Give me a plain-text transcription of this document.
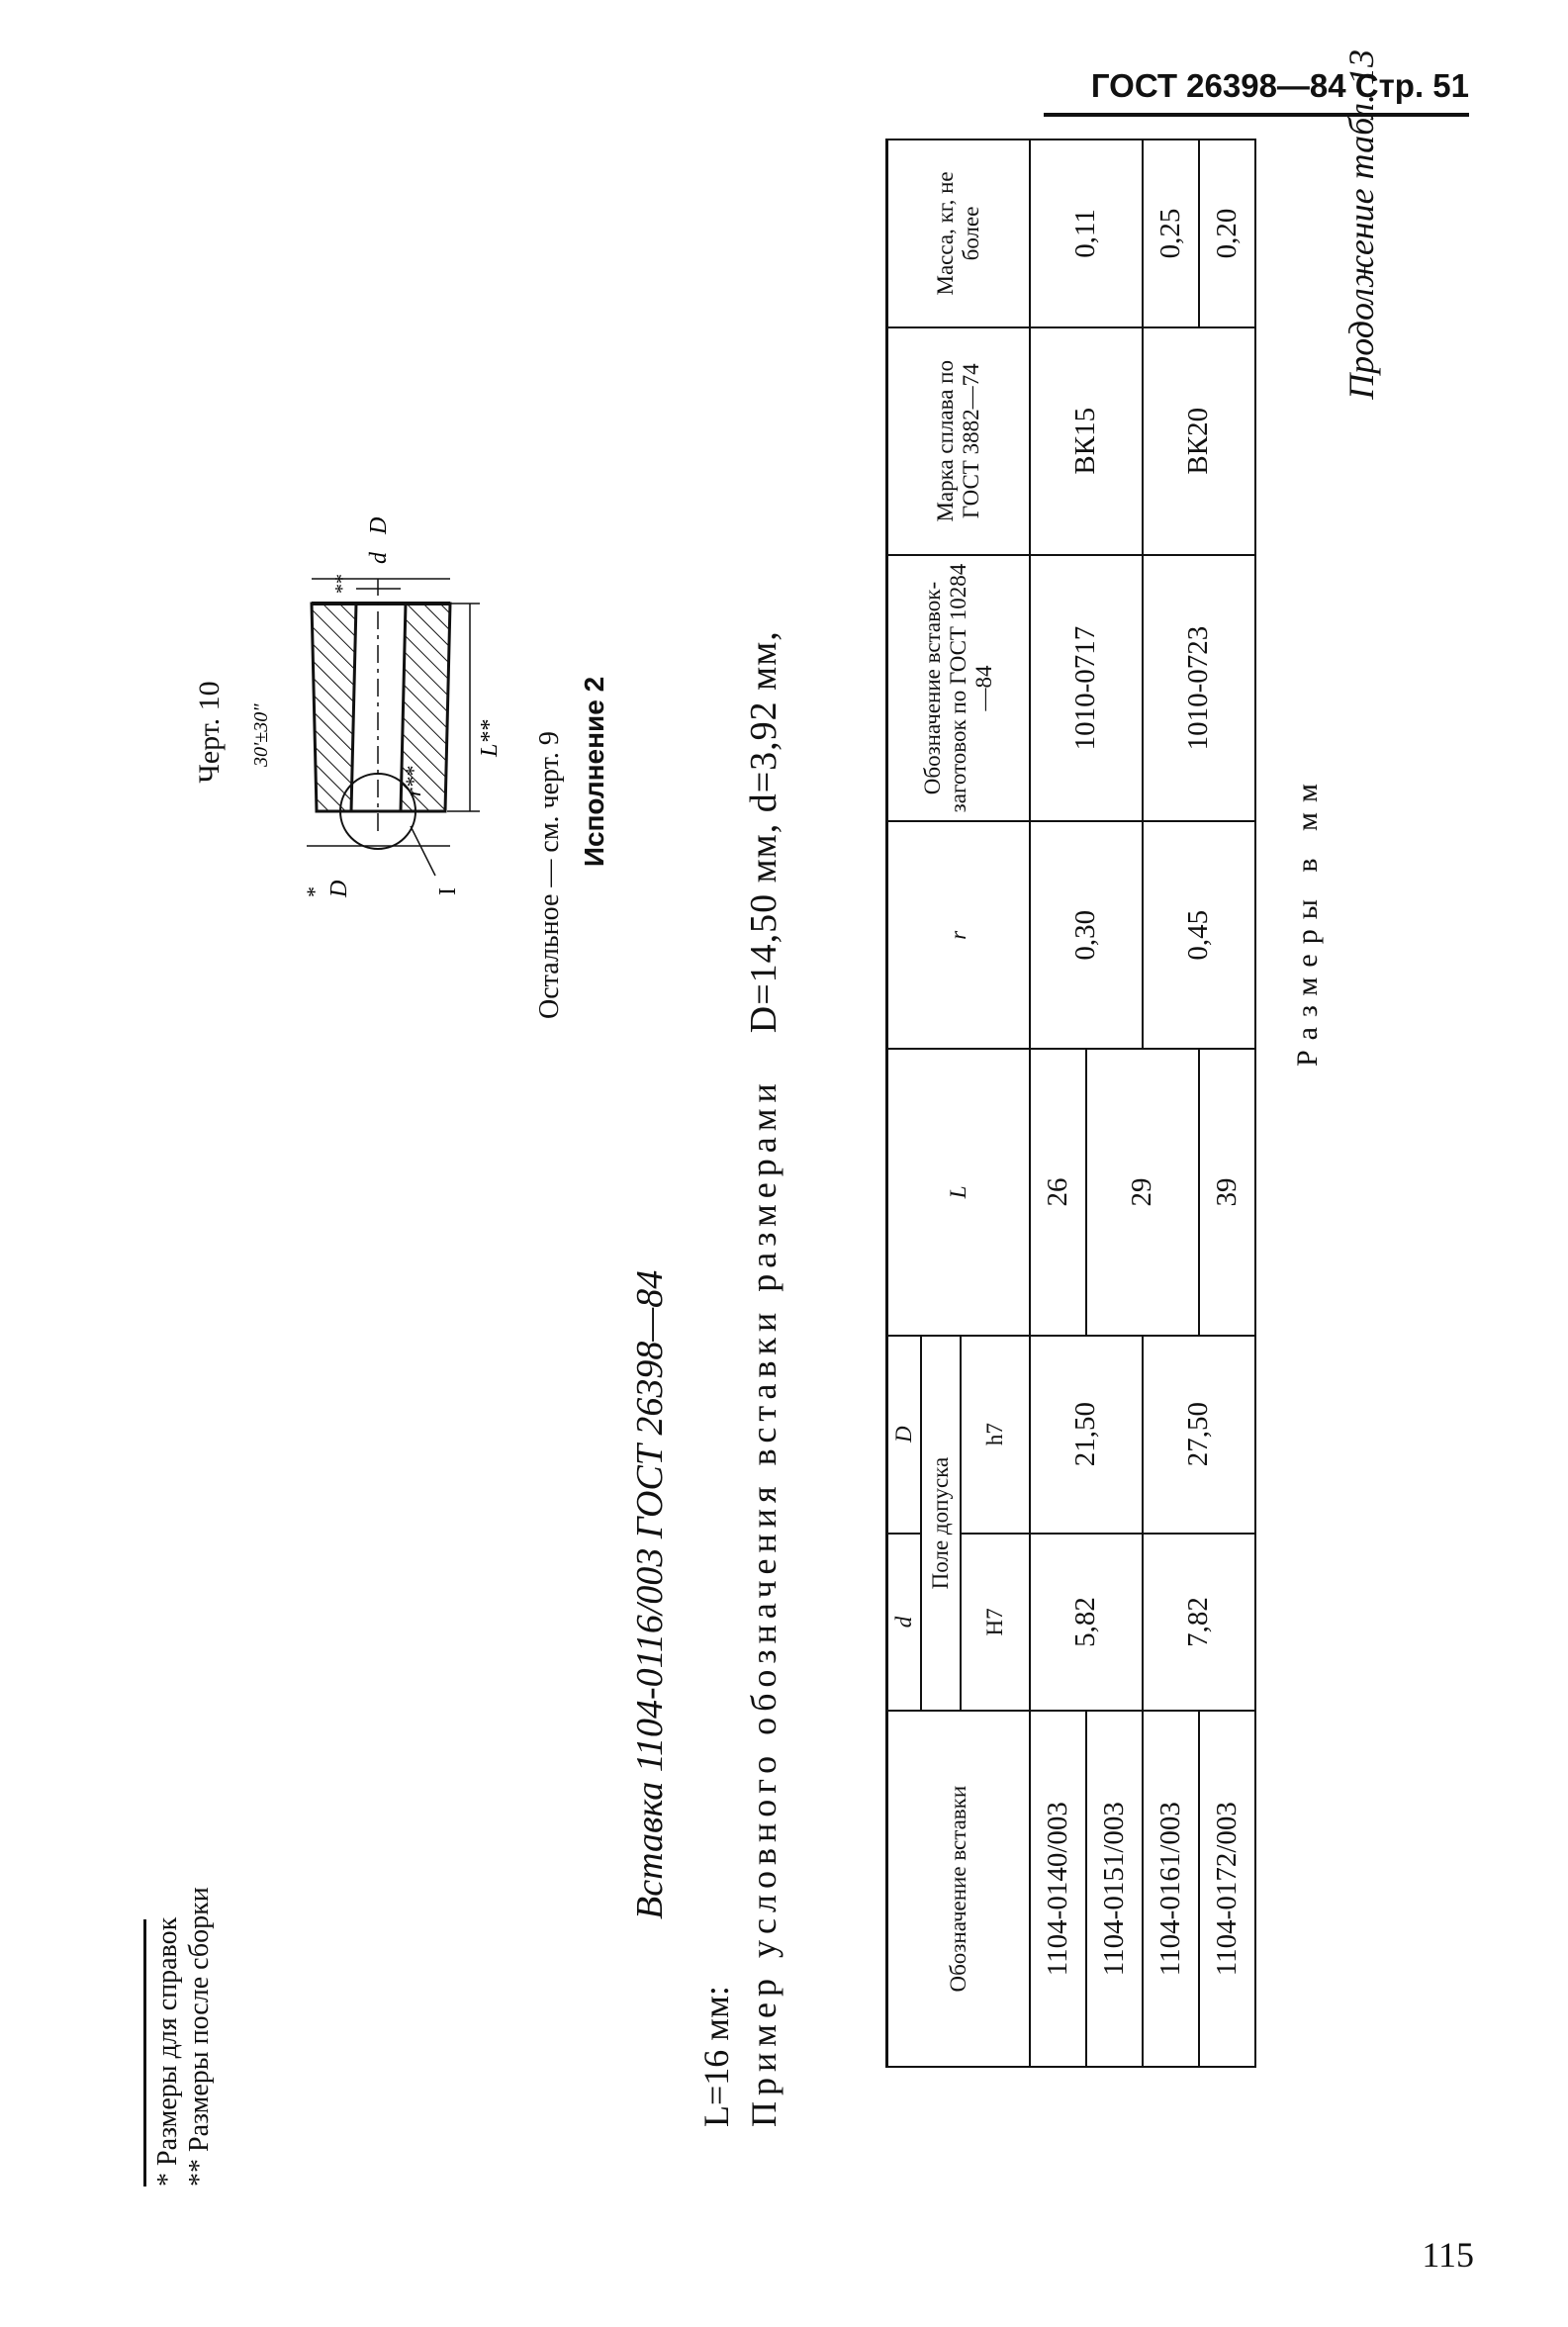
ГОСТ 26398—84 Стр. 51
115
Продолжение табл. 13
Размеры в мм
Обозначение вставки	d	D	L	r	Обозначение вставок-заготовок по ГОСТ 10284—84	Марка сплава по ГОСТ 3882—74	Масса, кг, не более
	Поле допуска						
	H7	h7					
1104-0140/003	5,82	21,50	26	0,30	1010-0717	ВК15	0,11
1104-0151/003			29				
1104-0161/003	7,82	27,50		0,45	1010-0723	ВК20	0,25
1104-0172/003			39				0,20
Пример условного обозначения вставки размерами   D=14,50 мм, d=3,92 мм,
L=16 мм:
Вставка 1104-0116/003 ГОСТ 26398—84
Исполнение 2
Остальное — см. черт. 9
D
*	I
L**
r**
d
**
D
30'±30"
Черт. 10
* Размеры для справок ** Размеры после сборки
